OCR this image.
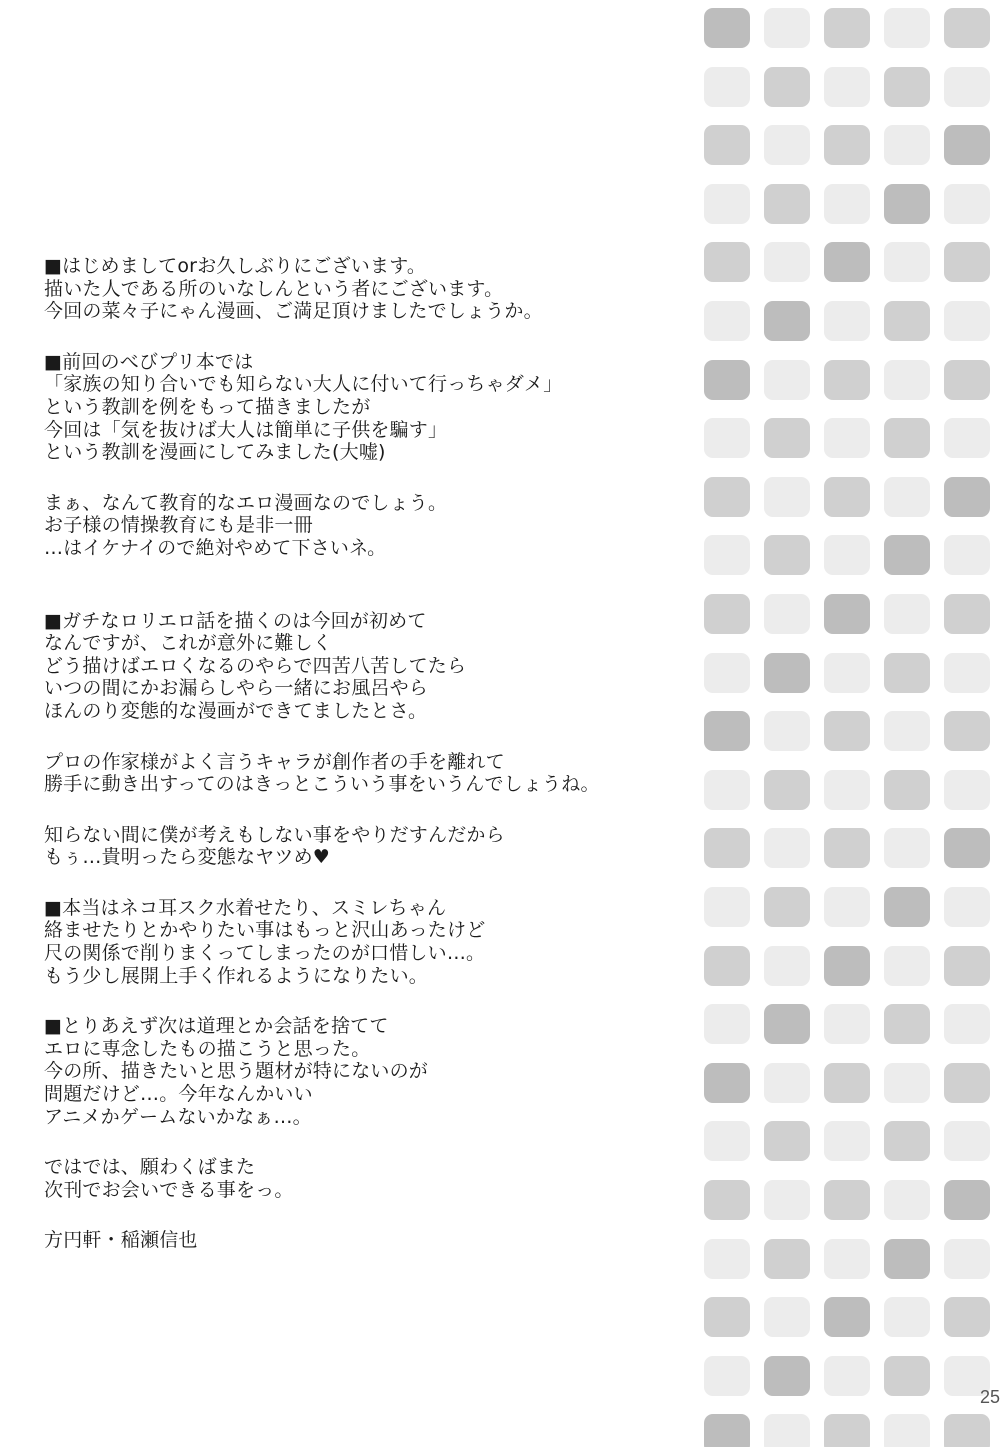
■はじめましてorお久しぶりにございます。
描いた人である所のいなしんという者にございます。
今回の菜々子にゃん漫画、ご満足頂けましたでしょうか。

■前回のべびプリ本では
「家族の知り合いでも知らない大人に付いて行っちゃダメ」
という教訓を例をもって描きましたが
今回は「気を抜けば大人は簡単に子供を騙す」
という教訓を漫画にしてみました(大嘘)

まぁ、なんて教育的なエロ漫画なのでしょう。
お子様の情操教育にも是非一冊
…はイケナイので絶対やめて下さいネ。

■ガチなロリエロ話を描くのは今回が初めて
なんですが、これが意外に難しく
どう描けばエロくなるのやらで四苦八苦してたら
いつの間にかお漏らしやら一緒にお風呂やら
ほんのり変態的な漫画ができてましたとさ。

プロの作家様がよく言うキャラが創作者の手を離れて
勝手に動き出すってのはきっとこういう事をいうんでしょうね。

知らない間に僕が考えもしない事をやりだすんだから
もぅ…貴明ったら変態なヤツめ♥

■本当はネコ耳スク水着せたり、スミレちゃん
絡ませたりとかやりたい事はもっと沢山あったけど
尺の関係で削りまくってしまったのが口惜しい…。
もう少し展開上手く作れるようになりたい。

■とりあえず次は道理とか会話を捨てて
エロに専念したもの描こうと思った。
今の所、描きたいと思う題材が特にないのが
問題だけど…。今年なんかいい
アニメかゲームないかなぁ…。

ではでは、願わくばまた
次刊でお会いできる事をっ。

方円軒・稲瀬信也

25
